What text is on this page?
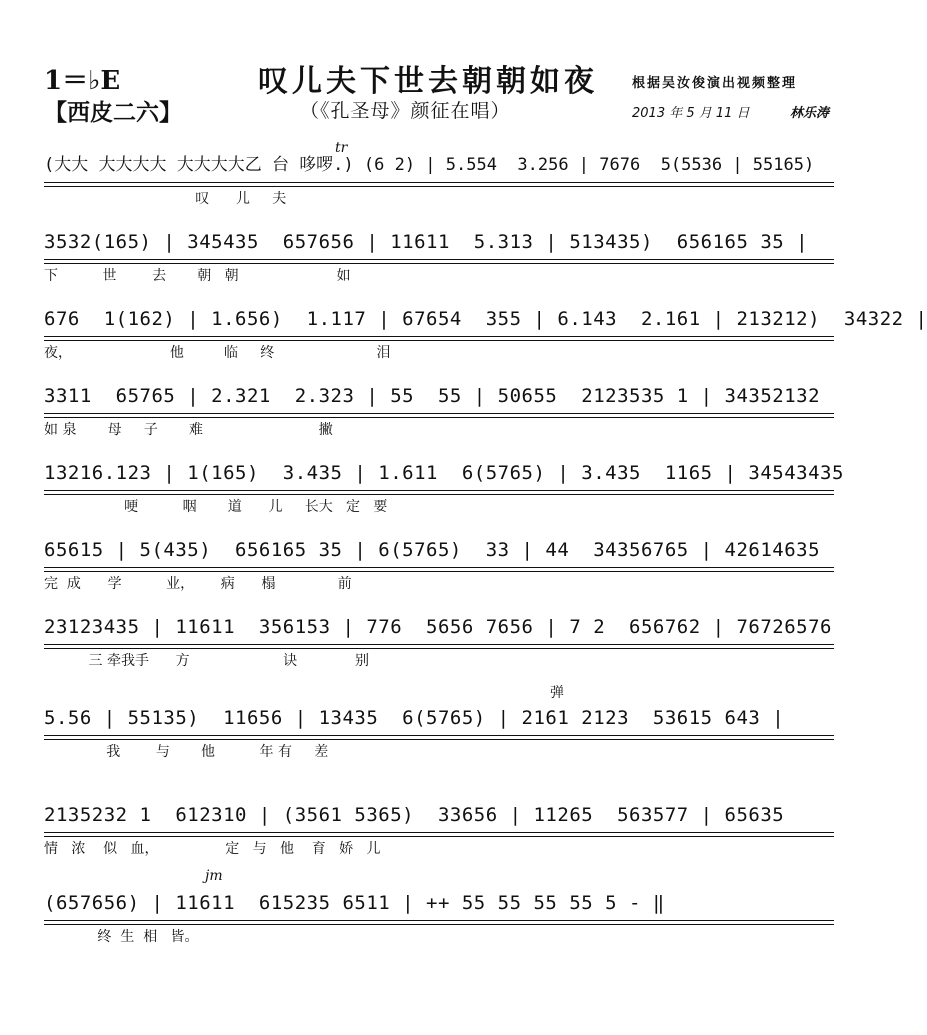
1＝♭E
【西皮二六】
叹儿夫下世去朝朝如夜
（《孔圣母》颜征在唱）
根据吴汝俊演出视频整理
2013 年 5 月 11 日	林乐涛
tr
弹
jm
(大大 大大大大 大大大大乙 台 哆啰.) (6 2) | 5.554  3.256 | 7676  5(5536 | 55165)
叹      儿     夫
3532(165) | 345435  657656 | 11611  5.313 | 513435)  656165 35 |
下          世        去       朝   朝                      如
676  1(162) | 1.656)  1.117 | 67654  355 | 6.143  2.161 | 213212)  34322 |
夜，                      他         临     终                       泪
3311  65765 | 2.321  2.323 | 55  55 | 50655  2123535 1 | 34352132
如 泉       母     子       难                          撇
13216.123 | 1(165)  3.435 | 1.611  6(5765) | 3.435  1165 | 34543435
哽          咽       道      儿     长大   定   要
65615 | 5(435)  656165 35 | 6(5765)  33 | 44  34356765 | 42614635
完  成      学          业，      病      榻              前
23123435 | 11611  356153 | 776  5656 7656 | 7 2  656762 | 76726576
三 牵我手      方                     诀             别
5.56 | 55135)  11656 | 13435  6(5765) | 2161 2123  53615 643 |
我        与       他          年 有     差
2135232 1  612310 | (3561 5365)  33656 | 11265  563577 | 65635
情   浓    似   血，               定   与   他    育   娇   儿
(657656) | 11611  615235 6511 | ++ 55 55 55 55 5 - ‖
终  生  相   皆。
